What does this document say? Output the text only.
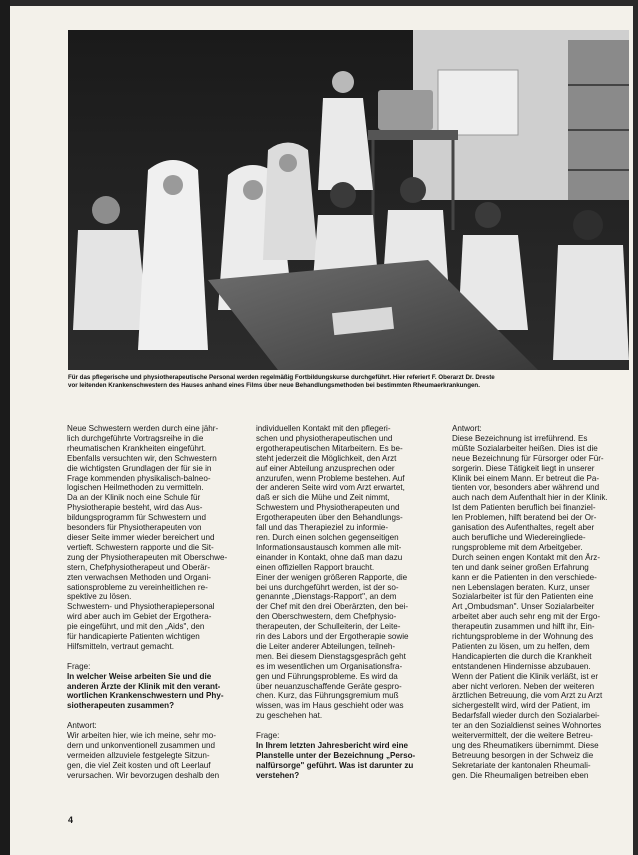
Für das pflegerische und physiotherapeutische Personal werden regelmäßig Fortbildungskurse durchgeführt. Hier referiert F. Oberarzt Dr. Dreste
vor leitenden Krankenschwestern des Hauses anhand eines Films über neue Behandlungsmethoden bei bestimmten Rheumaerkrankungen.
Neue Schwestern werden durch eine jähr-
lich durchgeführte Vortragsreihe in die
rheumatischen Krankheiten eingeführt.
Ebenfalls versuchten wir, den Schwestern
die wichtigsten Grundlagen der für sie in
Frage kommenden physikalisch-balneo-
logischen Heilmethoden zu vermitteln.
Da an der Klinik noch eine Schule für
Physiotherapie besteht, wird das Aus-
bildungsprogramm für Schwestern und
besonders für Physiotherapeuten von
dieser Seite immer wieder bereichert und
vertieft. Schwestern rapporte und die Sit-
zung der Physiotherapeuten mit Oberschwe-
stern, Chefphysiotherapeut und Oberär-
zten verwachsen Methoden und Organi-
sationsprobleme zu vereinheitlichen re-
spektive zu lösen.
Schwestern- und Physiotherapiepersonal
wird aber auch im Gebiet der Ergothera-
pie eingeführt, und mit den „Aids", den
für handicapierte Patienten wichtigen
Hilfsmitteln, vertraut gemacht.
Frage:
In welcher Weise arbeiten Sie und die
anderen Ärzte der Klinik mit den verant-
wortlichen Krankenschwestern und Phy-
siotherapeuten zusammen?
Antwort:
Wir arbeiten hier, wie ich meine, sehr mo-
dern und unkonventionell zusammen und
vermeiden allzuviele festgelegte Sitzun-
gen, die viel Zeit kosten und oft Leerlauf
verursachen. Wir bevorzugen deshalb den
individuellen Kontakt mit den pflegeri-
schen und physiotherapeutischen und
ergotherapeutischen Mitarbeitern. Es be-
steht jederzeit die Möglichkeit, den Arzt
auf einer Abteilung anzusprechen oder
anzurufen, wenn Probleme bestehen. Auf
der anderen Seite wird vom Arzt erwartet,
daß er sich die Mühe und Zeit nimmt,
Schwestern und Physiotherapeuten und
Ergotherapeuten über den Behandlungs-
fall und das Therapieziel zu informie-
ren. Durch einen solchen gegenseitigen
Informationsaustausch kommen alle mit-
einander in Kontakt, ohne daß man dazu
einen offiziellen Rapport braucht.
Einer der wenigen größeren Rapporte, die
bei uns durchgeführt werden, ist der so-
genannte „Dienstags-Rapport", an dem
der Chef mit den drei Oberärzten, den bei-
den Oberschwestern, dem Chefphysio-
therapeuten, der Schulleiterin, der Leite-
rin des Labors und der Ergotherapie sowie
die Leiter anderer Abteilungen, teilneh-
men. Bei diesem Dienstagsgespräch geht
es im wesentlichen um Organisationsfra-
gen und Führungsprobleme. Es wird da
über neuanzuschaffende Geräte gespro-
chen. Kurz, das Führungsgremium muß
wissen, was im Haus geschieht oder was
zu geschehen hat.
Frage:
In Ihrem letzten Jahresbericht wird eine
Planstelle unter der Bezeichnung „Perso-
nalfürsorge" geführt. Was ist darunter zu
verstehen?
Antwort:
Diese Bezeichnung ist irreführend. Es
müßte Sozialarbeiter heißen. Dies ist die
neue Bezeichnung für Fürsorger oder Für-
sorgerin. Diese Tätigkeit liegt in unserer
Klinik bei einem Mann. Er betreut die Pa-
tienten vor, besonders aber während und
auch nach dem Aufenthalt hier in der Klinik.
Ist dem Patienten beruflich bei finanziel-
len Problemen, hilft beratend bei der Or-
ganisation des Aufenthaltes, regelt aber
auch berufliche und Wiedereingliede-
rungsprobleme mit dem Arbeitgeber.
Durch seinen engen Kontakt mit den Ärz-
ten und dank seiner großen Erfahrung
kann er die Patienten in den verschiede-
nen Lebenslagen beraten. Kurz, unser
Sozialarbeiter ist für den Patienten eine
Art „Ombudsman". Unser Sozialarbeiter
arbeitet aber auch sehr eng mit der Ergo-
therapeutin zusammen und hilft ihr, Ein-
richtungsprobleme in der Wohnung des
Patienten zu lösen, um zu helfen, dem
Handicapierten die durch die Krankheit
entstandenen Hindernisse abzubauen.
Wenn der Patient die Klinik verläßt, ist er
aber nicht verloren. Neben der weiteren
ärztlichen Betreuung, die vom Arzt zu Arzt
sichergestellt wird, wird der Patient, im
Bedarfsfall wieder durch den Sozialarbei-
ter an den Sozialdienst seines Wohnortes
weitervermittelt, der die weitere Betreu-
ung des Rheumatikers übernimmt. Diese
Betreuung besorgen in der Schweiz die
Sekretariate der kantonalen Rheumali-
gen. Die Rheumaligen betreiben eben
4
